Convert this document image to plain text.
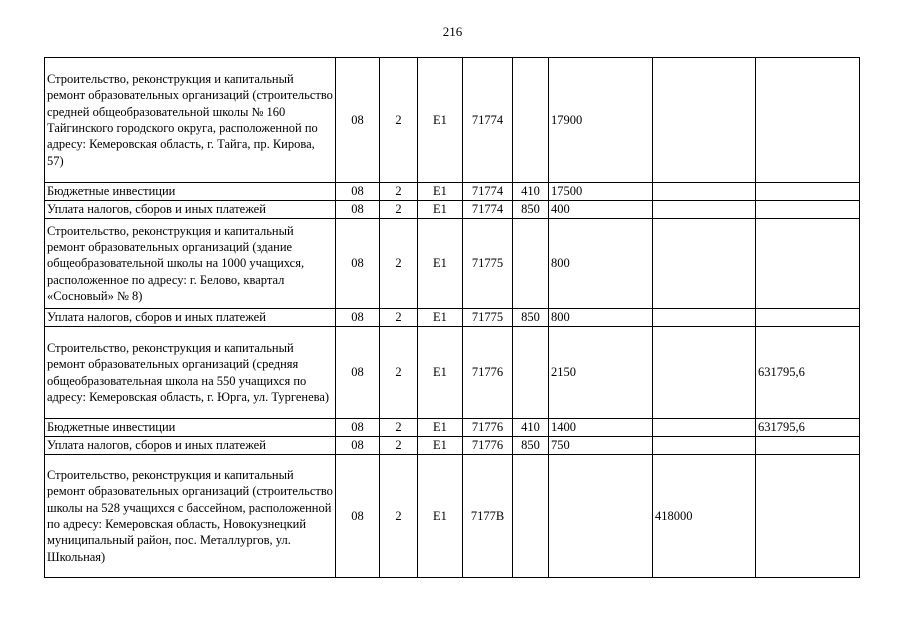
216
Строительство, реконструкция и капитальный ремонт образовательных организаций (строительство средней общеобразовательной школы № 160 Тайгинского городского округа, расположенной по адресу: Кемеровская область, г. Тайга, пр. Кирова, 57)	08	2	Е1	71774		17900		
Бюджетные инвестиции	08	2	Е1	71774	410	17500		
Уплата налогов, сборов и иных платежей	08	2	Е1	71774	850	400		
Строительство, реконструкция и капитальный ремонт образовательных организаций (здание общеобразовательной школы на 1000 учащихся, расположенное по адресу: г. Белово, квартал «Сосновый» № 8)	08	2	Е1	71775		800		
Уплата налогов, сборов и иных платежей	08	2	Е1	71775	850	800		
Строительство, реконструкция и капитальный ремонт образовательных организаций (средняя общеобразовательная школа на 550 учащихся по адресу: Кемеровская область, г. Юрга, ул. Тургенева)	08	2	Е1	71776		2150		631795,6
Бюджетные инвестиции	08	2	Е1	71776	410	1400		631795,6
Уплата налогов, сборов и иных платежей	08	2	Е1	71776	850	750		
Строительство, реконструкция и капитальный ремонт образовательных организаций (строительство школы на 528 учащихся с бассейном, расположенной по адресу: Кемеровская область, Новокузнецкий муниципальный район, пос. Металлургов, ул. Школьная)	08	2	Е1	7177В			418000	
